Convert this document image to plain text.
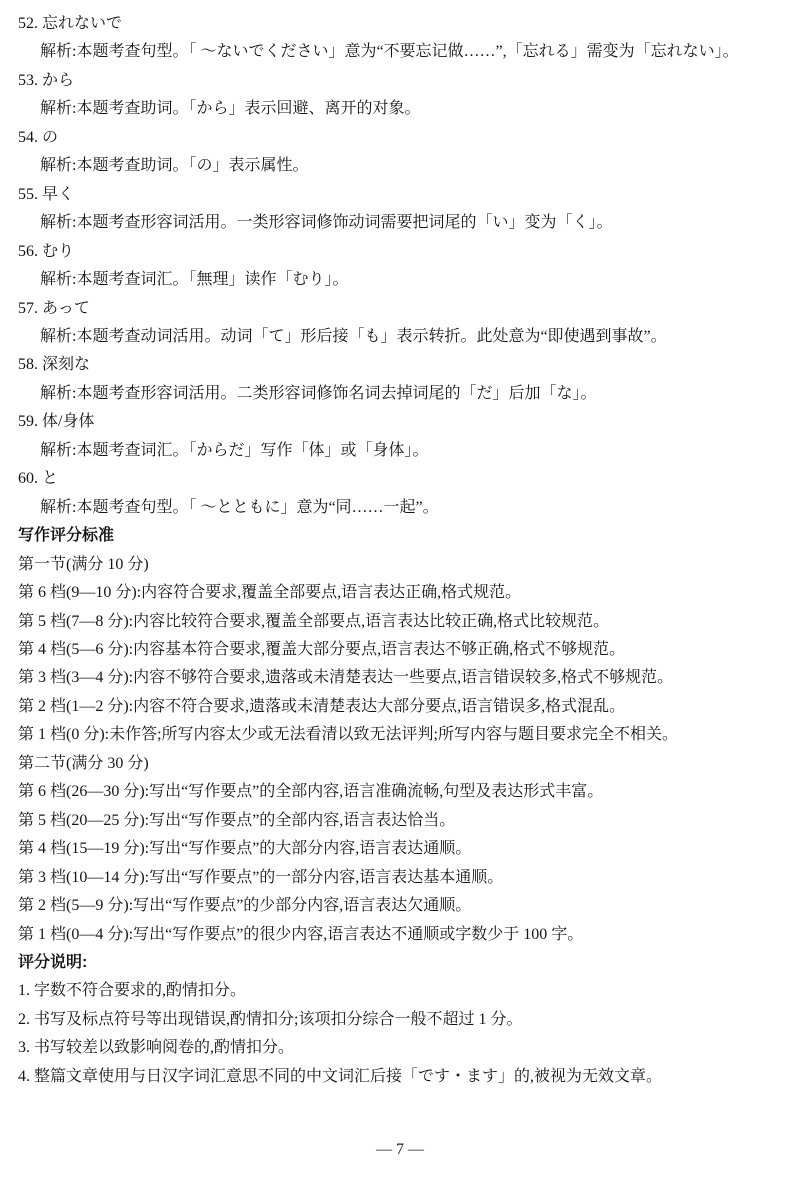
52. 忘れないで
解析:本题考查句型。「 ～ないでください」意为“不要忘记做……”,「忘れる」需变为「忘れない」。
53. から
解析:本题考查助词。「から」表示回避、离开的对象。
54. の
解析:本题考查助词。「の」表示属性。
55. 早く
解析:本题考查形容词活用。一类形容词修饰动词需要把词尾的「い」变为「く」。
56. むり
解析:本题考查词汇。「無理」读作「むり」。
57. あって
解析:本题考查动词活用。动词「て」形后接「も」表示转折。此处意为“即使遇到事故”。
58. 深刻な
解析:本题考查形容词活用。二类形容词修饰名词去掉词尾的「だ」后加「な」。
59. 体/身体
解析:本题考查词汇。「からだ」写作「体」或「身体」。
60. と
解析:本题考查句型。「 ～とともに」意为“同……一起”。
写作评分标准
第一节(满分 10 分)
第 6 档(9—10 分):内容符合要求,覆盖全部要点,语言表达正确,格式规范。
第 5 档(7—8 分):内容比较符合要求,覆盖全部要点,语言表达比较正确,格式比较规范。
第 4 档(5—6 分):内容基本符合要求,覆盖大部分要点,语言表达不够正确,格式不够规范。
第 3 档(3—4 分):内容不够符合要求,遗落或未清楚表达一些要点,语言错误较多,格式不够规范。
第 2 档(1—2 分):内容不符合要求,遗落或未清楚表达大部分要点,语言错误多,格式混乱。
第 1 档(0 分):未作答;所写内容太少或无法看清以致无法评判;所写内容与题目要求完全不相关。
第二节(满分 30 分)
第 6 档(26—30 分):写出“写作要点”的全部内容,语言准确流畅,句型及表达形式丰富。
第 5 档(20—25 分):写出“写作要点”的全部内容,语言表达恰当。
第 4 档(15—19 分):写出“写作要点”的大部分内容,语言表达通顺。
第 3 档(10—14 分):写出“写作要点”的一部分内容,语言表达基本通顺。
第 2 档(5—9 分):写出“写作要点”的少部分内容,语言表达欠通顺。
第 1 档(0—4 分):写出“写作要点”的很少内容,语言表达不通顺或字数少于 100 字。
评分说明:
1. 字数不符合要求的,酌情扣分。
2. 书写及标点符号等出现错误,酌情扣分;该项扣分综合一般不超过 1 分。
3. 书写较差以致影响阅卷的,酌情扣分。
4. 整篇文章使用与日汉字词汇意思不同的中文词汇后接「です・ます」的,被视为无效文章。
— 7 —
